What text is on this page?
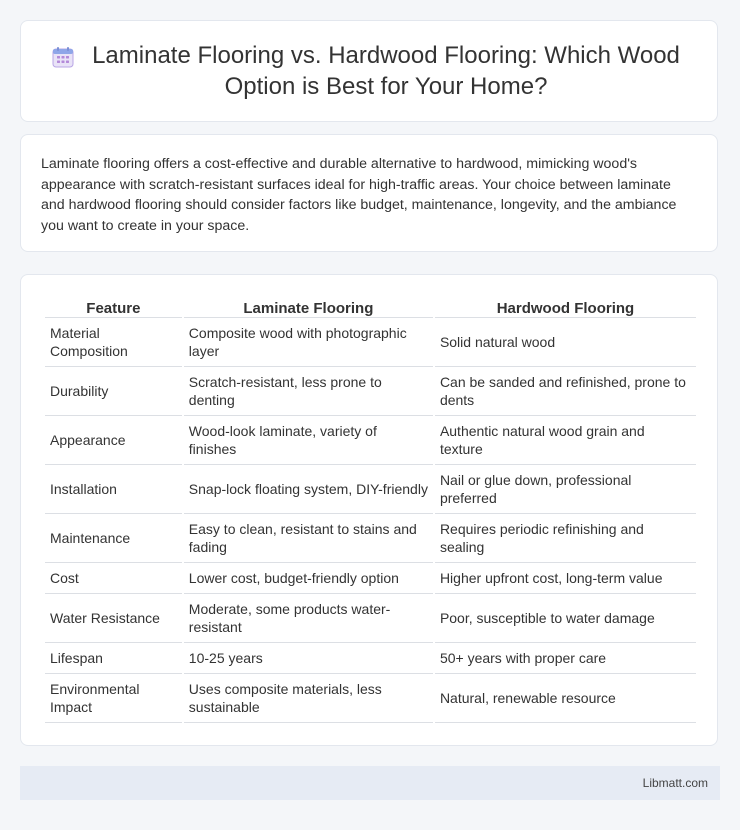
Laminate Flooring vs. Hardwood Flooring: Which Wood Option is Best for Your Home?

Laminate flooring offers a cost-effective and durable alternative to hardwood, mimicking wood's appearance with scratch-resistant surfaces ideal for high-traffic areas. Your choice between laminate and hardwood flooring should consider factors like budget, maintenance, longevity, and the ambiance you want to create in your space.

Feature	Laminate Flooring	Hardwood Flooring
Material Composition	Composite wood with photographic layer	Solid natural wood
Durability	Scratch-resistant, less prone to denting	Can be sanded and refinished, prone to dents
Appearance	Wood-look laminate, variety of finishes	Authentic natural wood grain and texture
Installation	Snap-lock floating system, DIY-friendly	Nail or glue down, professional preferred
Maintenance	Easy to clean, resistant to stains and fading	Requires periodic refinishing and sealing
Cost	Lower cost, budget-friendly option	Higher upfront cost, long-term value
Water Resistance	Moderate, some products water-resistant	Poor, susceptible to water damage
Lifespan	10-25 years	50+ years with proper care
Environmental Impact	Uses composite materials, less sustainable	Natural, renewable resource
Libmatt.com
